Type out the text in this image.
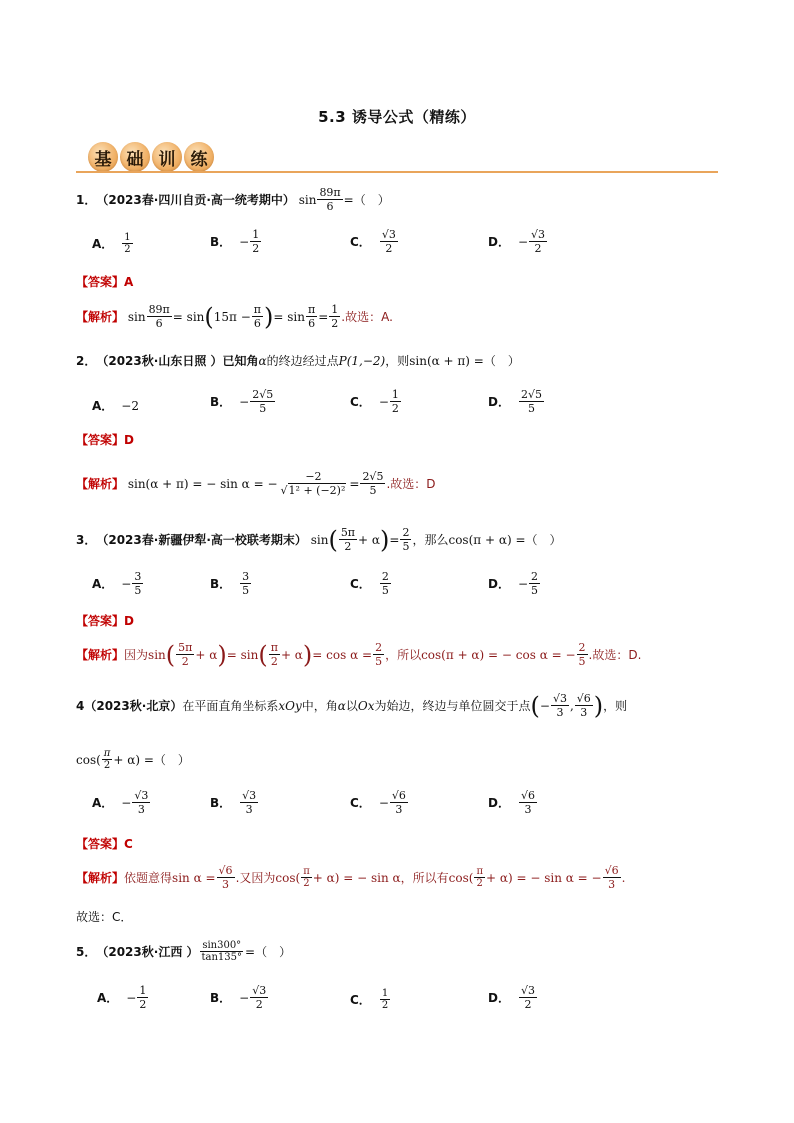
5.3 诱导公式（精练）
基 础 训 练
1． （2023春·四川自贡·高一统考期中） $\sin \frac{89\pi}{6}$ = （　）
A． $\frac{1}{2}$	B． − $\frac{1}{2}$	C． $\frac{√3}{2}$	D． − $\frac{√3}{2}$
【答案】 A
【解析】 $\sin \frac{89\pi}{6} = \sin$ ( $15\pi - \frac{\pi}{6}$ ) = $\sin \frac{\pi}{6} = \frac{1}{2}$ .故选：A.
2． （2023秋·山东日照 ）已知角 α 的终边经过点 P(1,−2) ，则 sin(α + π) = （　）
A． −2	B． − $\frac{2√5}{5}$	C． − $\frac{1}{2}$	D． $\frac{2√5}{5}$
【答案】 D
【解析】 sin(α + π) = − sin α = − $\frac{-2}{\text{√1² + (−2)²}} = \frac{2√5}{5}$ .故选：D
3． （2023春·新疆伊犁·高一校联考期末） sin ( $\frac{5\pi}{2} + \alpha$ ) = $\frac{2}{5}$ ，那么 cos(π + α) = （　）
A． − $\frac{3}{5}$	B． $\frac{3}{5}$	C． $\frac{2}{5}$	D． − $\frac{2}{5}$
【答案】 D
【解析】 因为 sin ( $\frac{5\pi}{2} + \alpha$ ) = sin ( $\frac{\pi}{2} + \alpha$ ) = $\cos \alpha = \frac{2}{5}$ ，所以 cos(π + α) = − cos α = − $\frac{2}{5}$ .故选：D.
4 （2023秋·北京） 在平面直角坐标系 xOy 中，角 α 以 Ox 为始边，终边与单位圆交于点 ( − $\frac{√3}{3}$ , $\frac{√6}{3}$ ) ，则
$\cos( \frac{\pi}{2} + \alpha)$ = （　）
A． − $\frac{√3}{3}$	B． $\frac{√3}{3}$	C． − $\frac{√6}{3}$	D． $\frac{√6}{3}$
【答案】 C
【解析】 依题意得 $\sin \alpha = \frac{√6}{3}$ .又因为 $\cos( \frac{\pi}{2} + \alpha)$ = − sin α ，所以有 $\cos( \frac{\pi}{2} + \alpha)$ = − sin α = − $\frac{√6}{3}$ .
故选：C．
5． （2023秋·江西 ） $\frac{\sin 300^\circ}{\tan 135^\circ}$ = （　）
A． − $\frac{1}{2}$	B． − $\frac{√3}{2}$	C． $\frac{1}{2}$	D． $\frac{√3}{2}$
